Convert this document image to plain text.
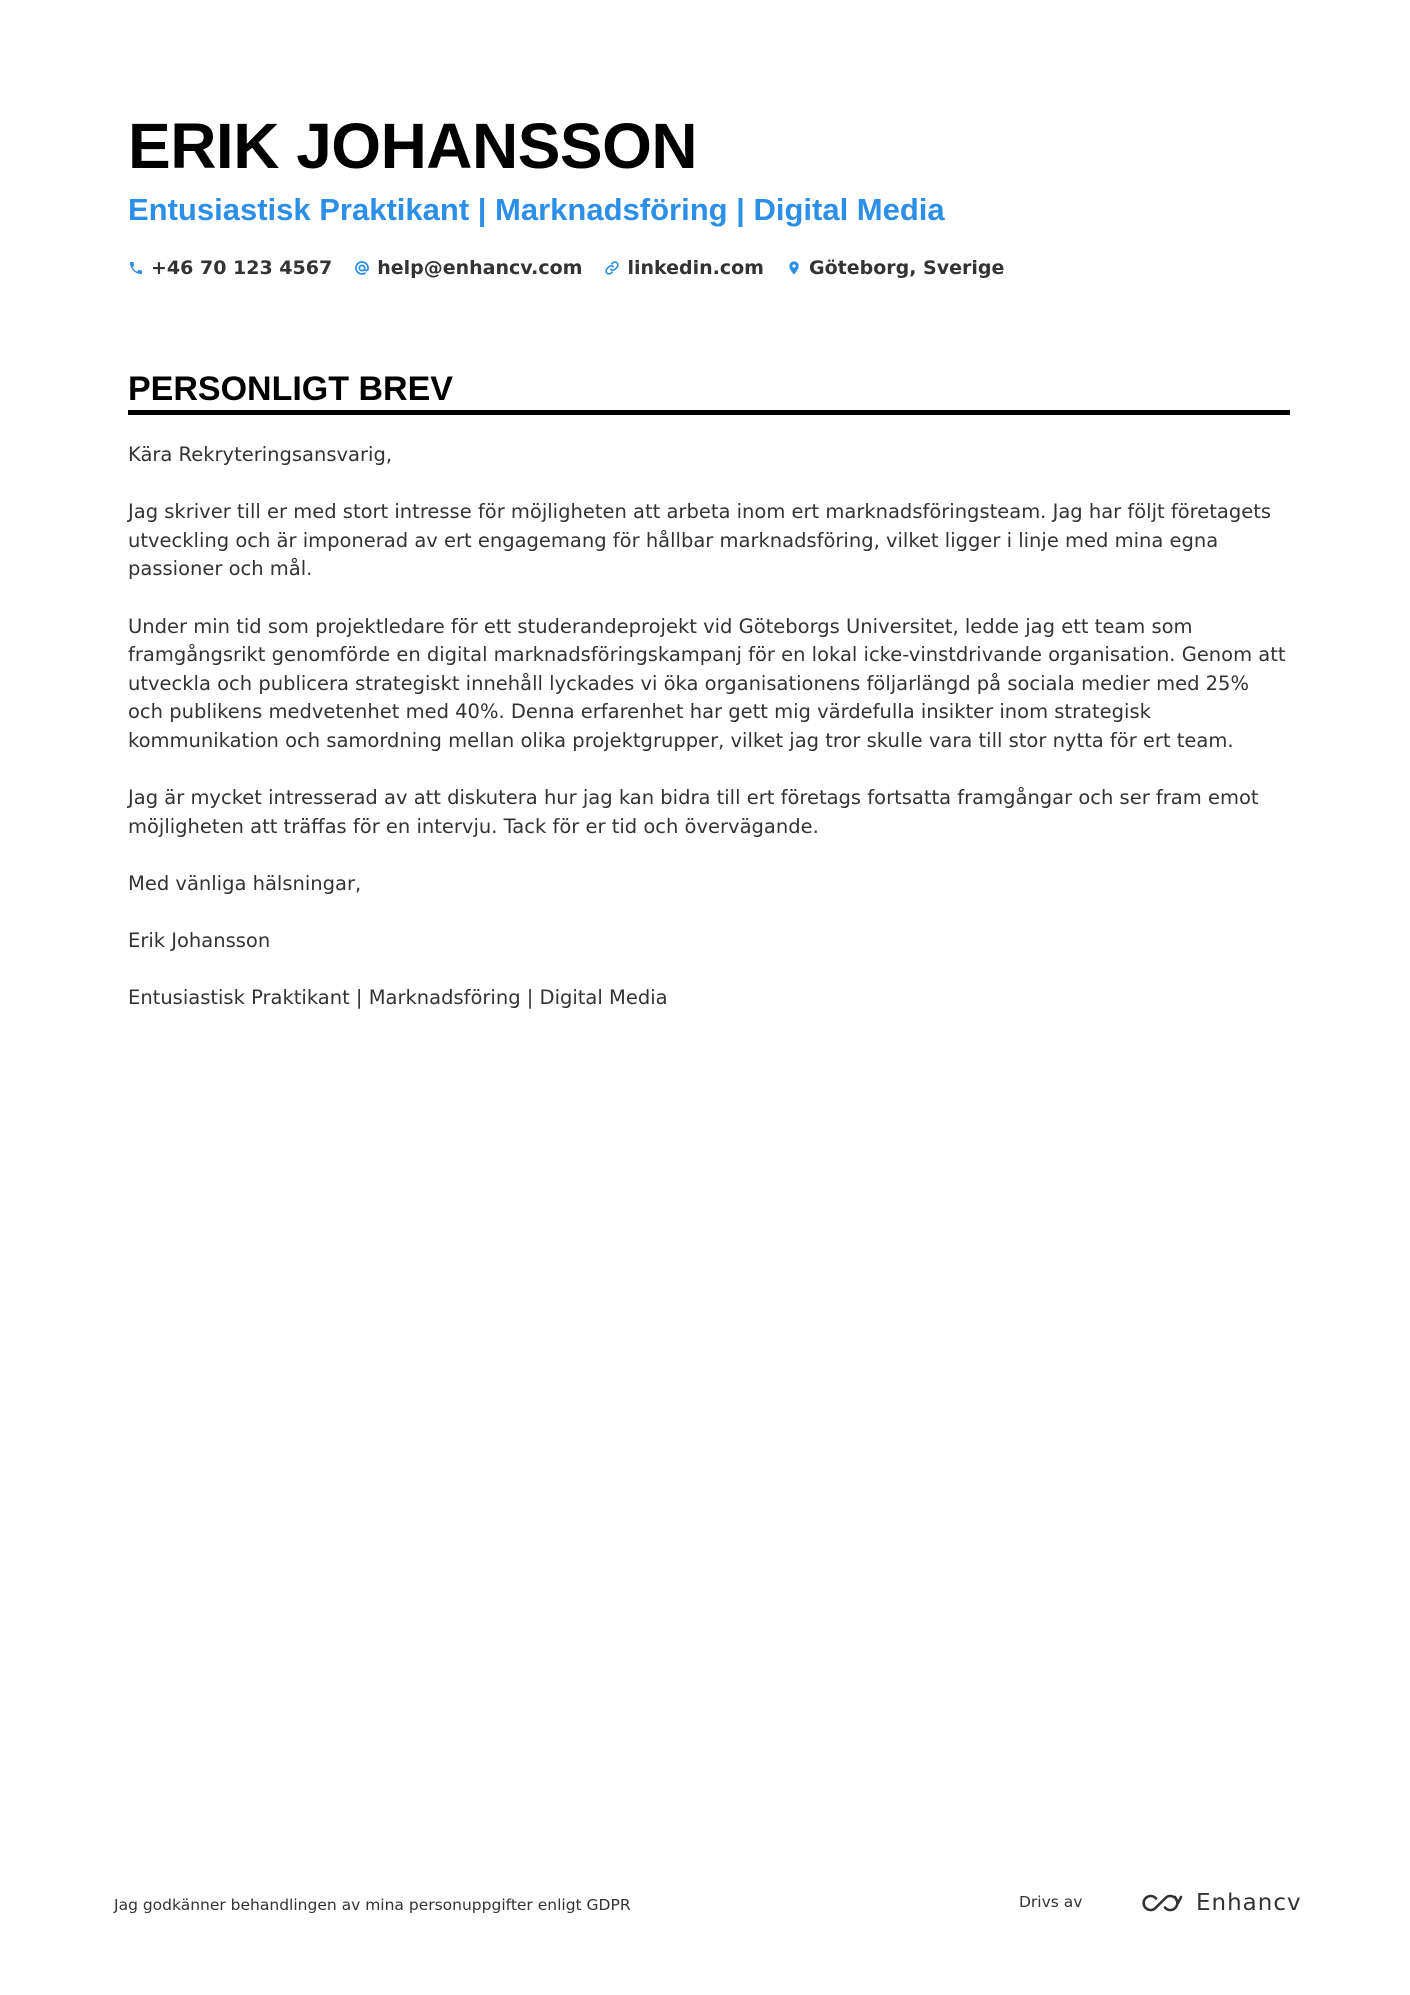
ERIK JOHANSSON
Entusiastisk Praktikant | Marknadsföring | Digital Media
+46 70 123 4567 help@enhancv.com linkedin.com Göteborg, Sverige
PERSONLIGT BREV

Kära Rekryteringsansvarig,

Jag skriver till er med stort intresse för möjligheten att arbeta inom ert marknadsföringsteam. Jag har följt företagets utveckling och är imponerad av ert engagemang för hållbar marknadsföring, vilket ligger i linje med mina egna passioner och mål.

Under min tid som projektledare för ett studerandeprojekt vid Göteborgs Universitet, ledde jag ett team som framgångsrikt genomförde en digital marknadsföringskampanj för en lokal icke-vinstdrivande organisation. Genom att utveckla och publicera strategiskt innehåll lyckades vi öka organisationens följarlängd på sociala medier med 25% och publikens medvetenhet med 40%. Denna erfarenhet har gett mig värdefulla insikter inom strategisk kommunikation och samordning mellan olika projektgrupper, vilket jag tror skulle vara till stor nytta för ert team.

Jag är mycket intresserad av att diskutera hur jag kan bidra till ert företags fortsatta framgångar och ser fram emot möjligheten att träffas för en intervju. Tack för er tid och övervägande.

Med vänliga hälsningar,

Erik Johansson

Entusiastisk Praktikant | Marknadsföring | Digital Media

Jag godkänner behandlingen av mina personuppgifter enligt GDPR	Drivs av	Enhancv
